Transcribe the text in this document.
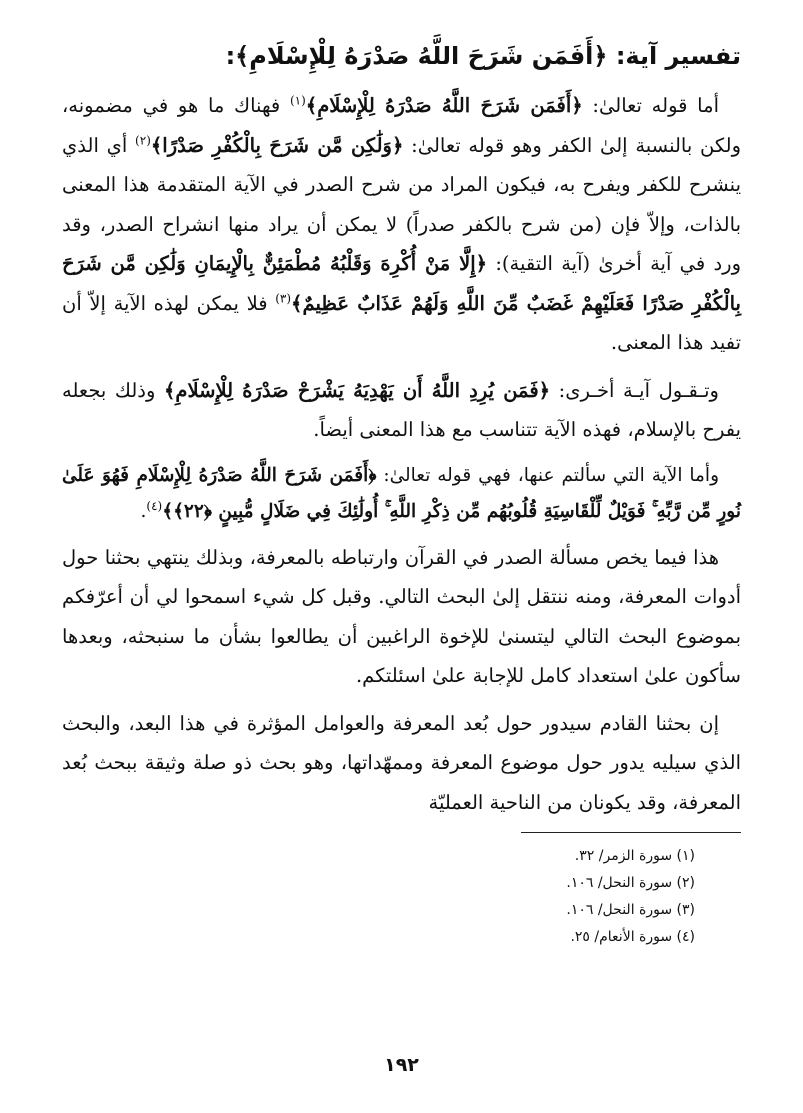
تفسير آية: ﴿أَفَمَن شَرَحَ اللَّهُ صَدْرَهُ لِلْإِسْلَامِ﴾:

أما قوله تعالىٰ: ﴿أَفَمَن شَرَحَ اللَّهُ صَدْرَهُ لِلْإِسْلَامِ﴾$^{(١)}$ فهناك ما هو في مضمونه، ولكن بالنسبة إلىٰ الكفر وهو قوله تعالىٰ: ﴿وَلَٰكِن مَّن شَرَحَ بِالْكُفْرِ صَدْرًا﴾$^{(٢)}$ أي الذي ينشرح للكفر ويفرح به، فيكون المراد من شرح الصدر في الآية المتقدمة هذا المعنى بالذات، وإلاّ فإن (من شرح بالكفر صدراً) لا يمكن أن يراد منها انشراح الصدر، وقد ورد في آية أخرىٰ (آية التقية): ﴿إِلَّا مَنْ أُكْرِهَ وَقَلْبُهُ مُطْمَئِنٌّ بِالْإِيمَانِ وَلَٰكِن مَّن شَرَحَ بِالْكُفْرِ صَدْرًا فَعَلَيْهِمْ غَضَبٌ مِّنَ اللَّهِ وَلَهُمْ عَذَابٌ عَظِيمٌ﴾$^{(٣)}$ فلا يمكن لهذه الآية إلاّ أن تفيد هذا المعنى.

وتـقـول آيـة أخـرى: ﴿فَمَن يُرِدِ اللَّهُ أَن يَهْدِيَهُ يَشْرَحْ صَدْرَهُ لِلْإِسْلَامِ﴾ وذلك بجعله يفرح بالإسلام، فهذه الآية تتناسب مع هذا المعنى أيضاً.

وأما الآية التي سألتم عنها، فهي قوله تعالىٰ: ﴿أَفَمَن شَرَحَ اللَّهُ صَدْرَهُ لِلْإِسْلَامِ فَهُوَ عَلَىٰ نُورٍ مِّن رَّبِّهِ ۚ فَوَيْلٌ لِّلْقَاسِيَةِ قُلُوبُهُم مِّن ذِكْرِ اللَّهِ ۚ أُولَٰئِكَ فِي ضَلَالٍ مُّبِينٍ ﴿٢٢﴾﴾$^{(٤)}$.

هذا فيما يخص مسألة الصدر في القرآن وارتباطه بالمعرفة، وبذلك ينتهي بحثنا حول أدوات المعرفة، ومنه ننتقل إلىٰ البحث التالي. وقبل كل شيء اسمحوا لي أن أعرّفكم بموضوع البحث التالي ليتسنىٰ للإخوة الراغبين أن يطالعوا بشأن ما سنبحثه، وبعدها سأكون علىٰ استعداد كامل للإجابة علىٰ اسئلتكم.

إن بحثنا القادم سيدور حول بُعد المعرفة والعوامل المؤثرة في هذا البعد، والبحث الذي سيليه يدور حول موضوع المعرفة وممهّداتها، وهو بحث ذو صلة وثيقة ببحث بُعد المعرفة، وقد يكونان من الناحية العمليّة

(١) سورة الزمر/ ٣٢.
(٢) سورة النحل/ ١٠٦.
(٣) سورة النحل/ ١٠٦.
(٤) سورة الأنعام/ ٢٥.
١٩٢
